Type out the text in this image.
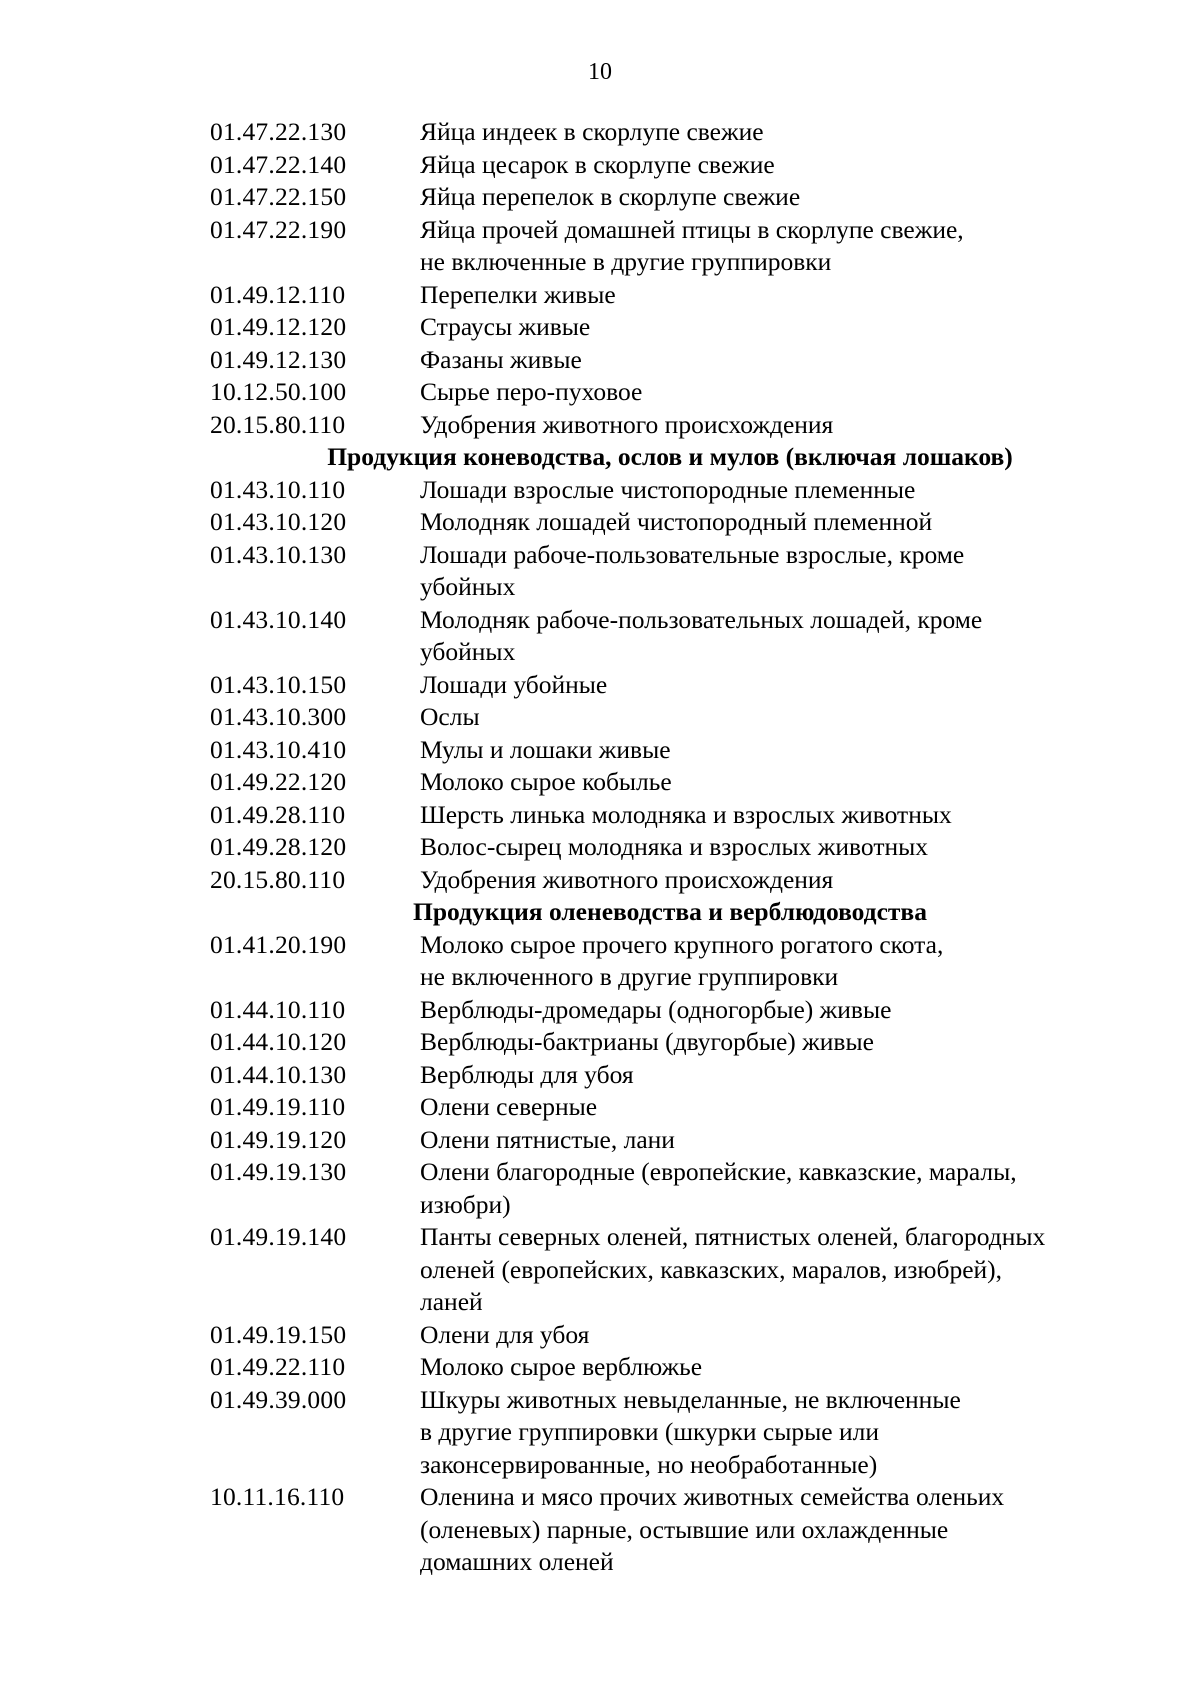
10
01.47.22.130	Яйца индеек в скорлупе свежие
01.47.22.140	Яйца цесарок в скорлупе свежие
01.47.22.150	Яйца перепелок в скорлупе свежие
01.47.22.190	Яйца прочей домашней птицы в скорлупе свежие,
не включенные в другие группировки
01.49.12.110	Перепелки живые
01.49.12.120	Страусы живые
01.49.12.130	Фазаны живые
10.12.50.100	Сырье перо-пуховое
20.15.80.110	Удобрения животного происхождения
Продукция коневодства, ослов и мулов (включая лошаков)
01.43.10.110	Лошади взрослые чистопородные племенные
01.43.10.120	Молодняк лошадей чистопородный племенной
01.43.10.130	Лошади рабоче-пользовательные взрослые, кроме
убойных
01.43.10.140	Молодняк рабоче-пользовательных лошадей, кроме
убойных
01.43.10.150	Лошади убойные
01.43.10.300	Ослы
01.43.10.410	Мулы и лошаки живые
01.49.22.120	Молоко сырое кобылье
01.49.28.110	Шерсть линька молодняка и взрослых животных
01.49.28.120	Волос-сырец молодняка и взрослых животных
20.15.80.110	Удобрения животного происхождения
Продукция оленеводства и верблюдоводства
01.41.20.190	Молоко сырое прочего крупного рогатого скота,
не включенного в другие группировки
01.44.10.110	Верблюды-дромедары (одногорбые) живые
01.44.10.120	Верблюды-бактрианы (двугорбые) живые
01.44.10.130	Верблюды для убоя
01.49.19.110	Олени северные
01.49.19.120	Олени пятнистые, лани
01.49.19.130	Олени благородные (европейские, кавказские, маралы,
изюбри)
01.49.19.140	Панты северных оленей, пятнистых оленей, благородных
оленей (европейских, кавказских, маралов, изюбрей),
ланей
01.49.19.150	Олени для убоя
01.49.22.110	Молоко сырое верблюжье
01.49.39.000	Шкуры животных невыделанные, не включенные
в другие группировки (шкурки сырые или
законсервированные, но необработанные)
10.11.16.110	Оленина и мясо прочих животных семейства оленьих
(оленевых) парные, остывшие или охлажденные
домашних оленей
